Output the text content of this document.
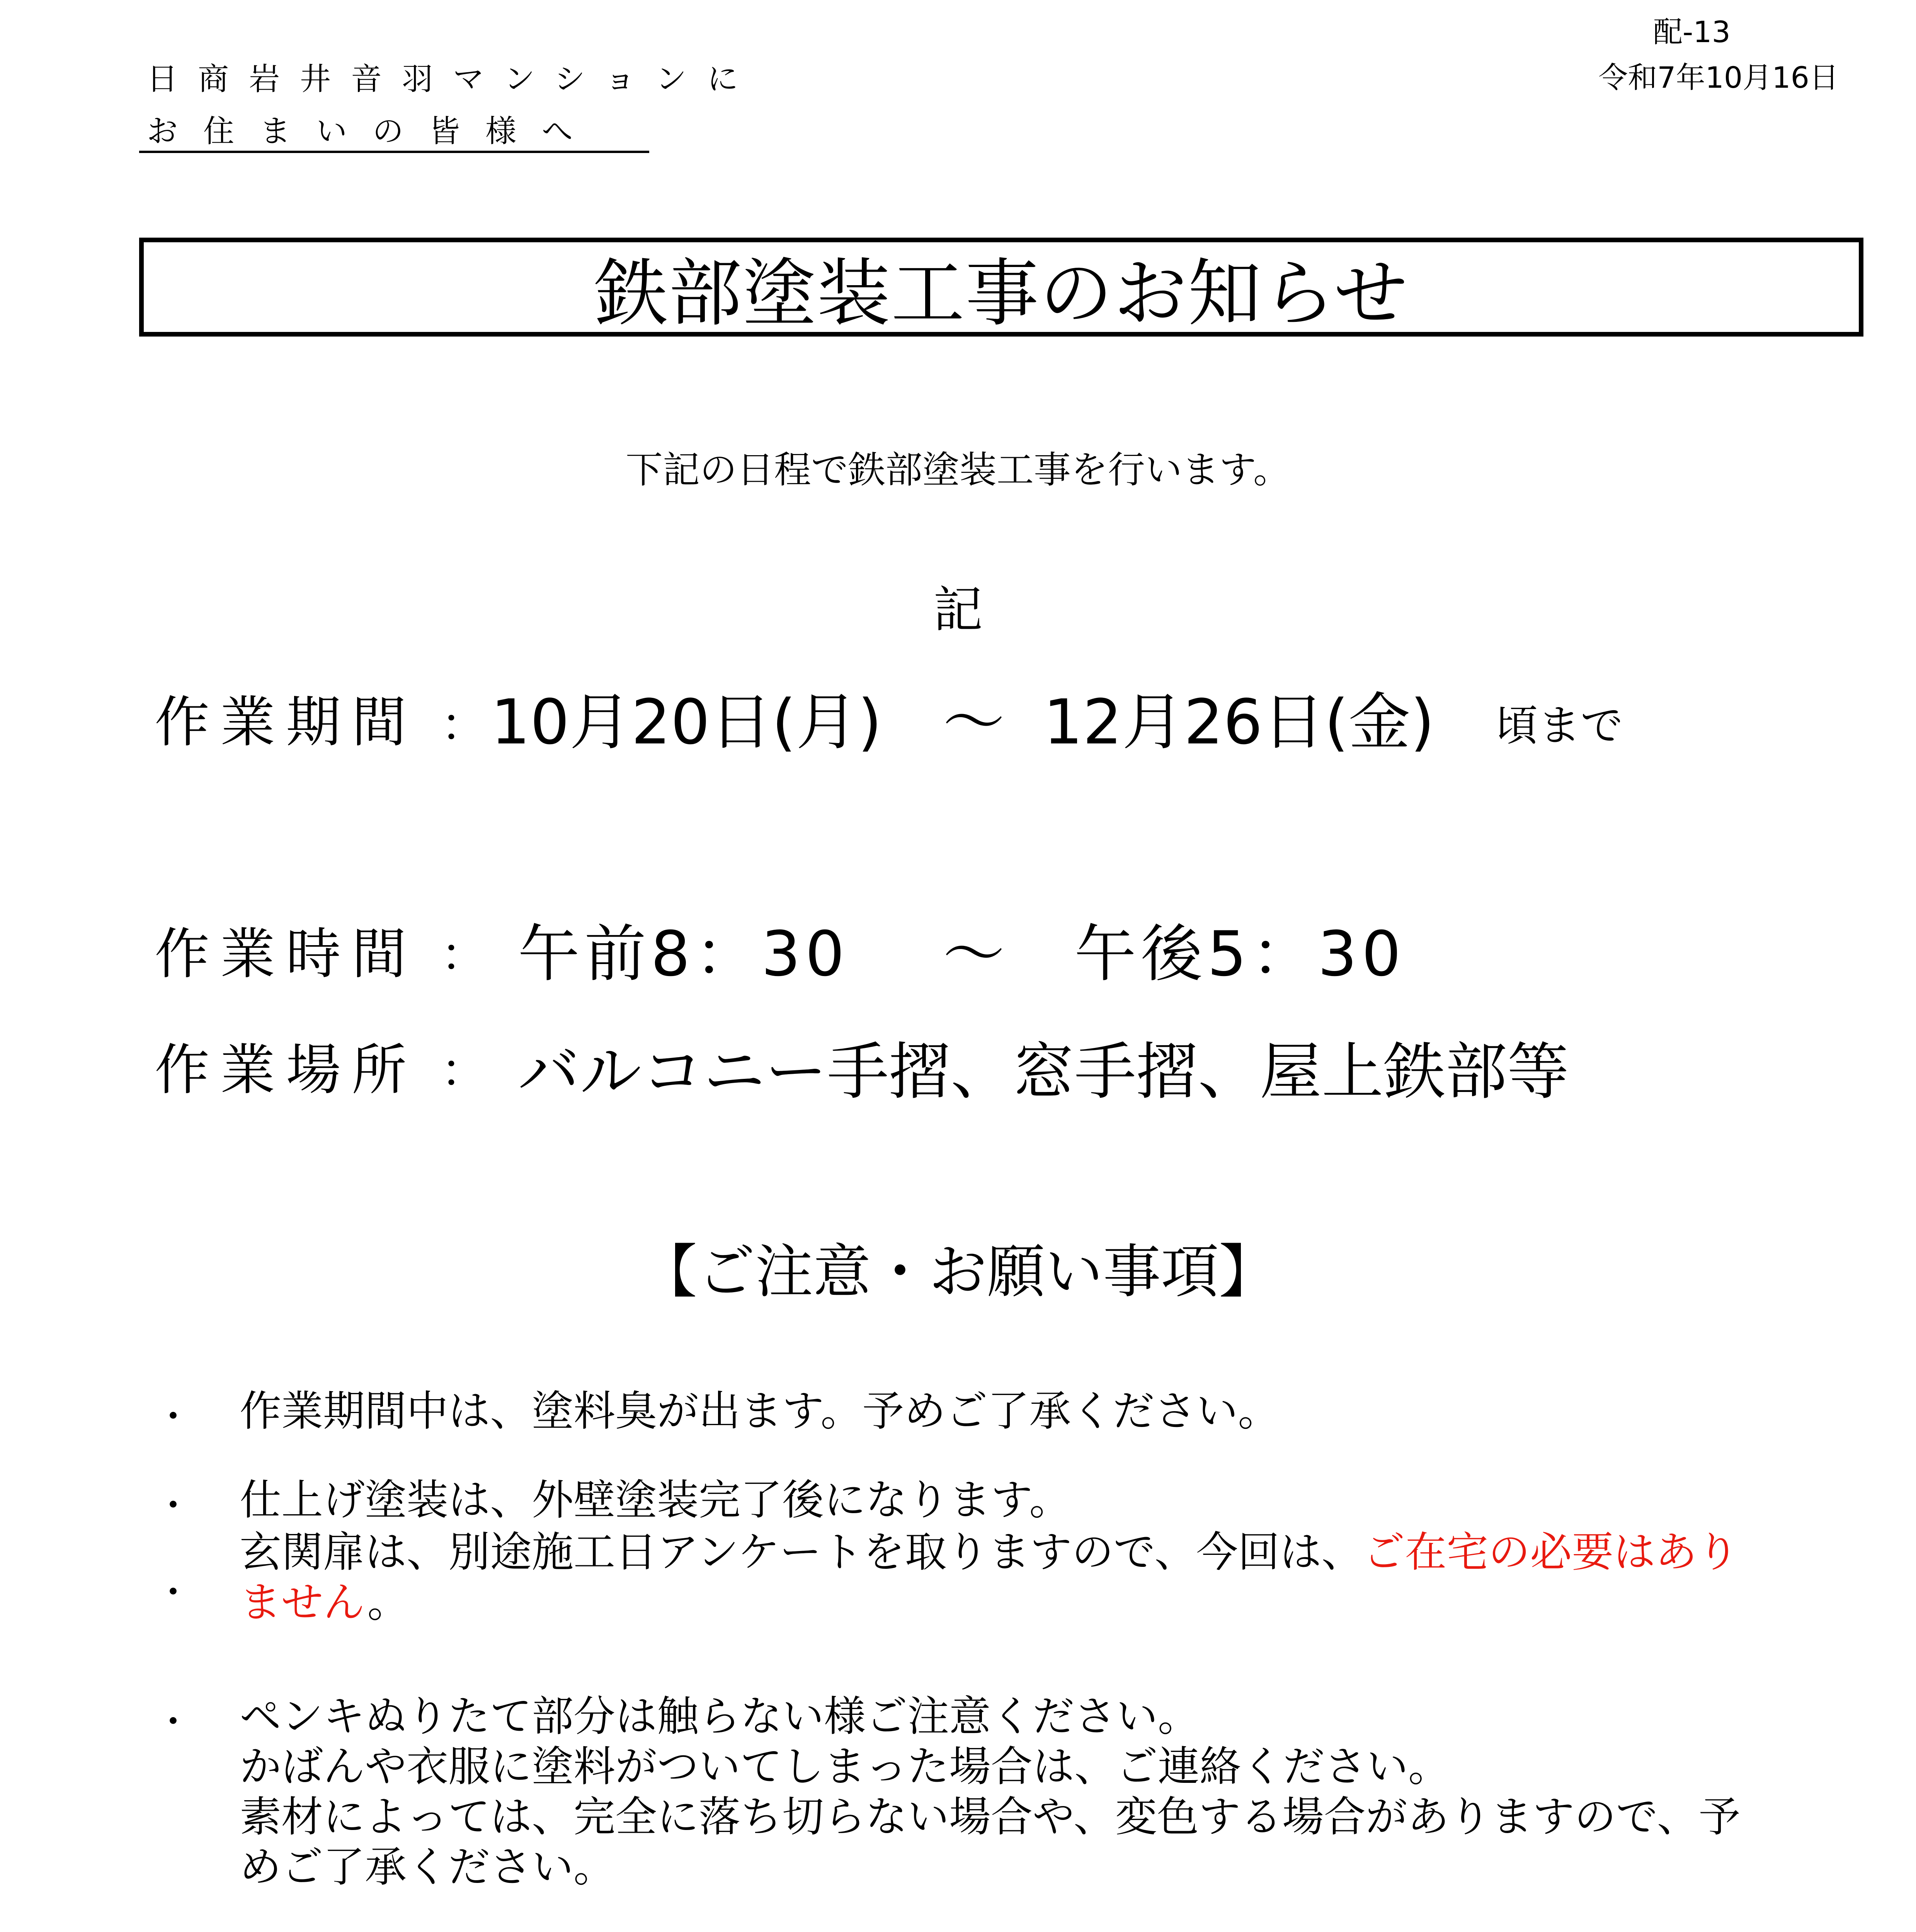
配-13
令和7年10月16日
日商岩井音羽マンション に
お住まいの皆様へ
鉄部塗装工事のお知らせ
下記の日程で鉄部塗装工事を行います。
記
作業期間 ： 10月20日(月) ～ 12月26日(金) 頃まで
作業時間 ： 午前8：30 ～ 午後5：30
作業場所 ： バルコニー手摺、窓手摺、屋上鉄部等
【ご注意・お願い事項】
・ 作業期間中は、塗料臭が出ます。予めご了承ください。
・ 仕上げ塗装は、外壁塗装完了後になります。
・
玄関扉は、別途施工日アンケートを取りますので、今回は、ご在宅の必要はあり
ません。
・ ペンキぬりたて部分は触らない様ご注意ください。
かばんや衣服に塗料がついてしまった場合は、ご連絡ください。
素材によっては、完全に落ち切らない場合や、変色する場合がありますので、予
めご了承ください。
